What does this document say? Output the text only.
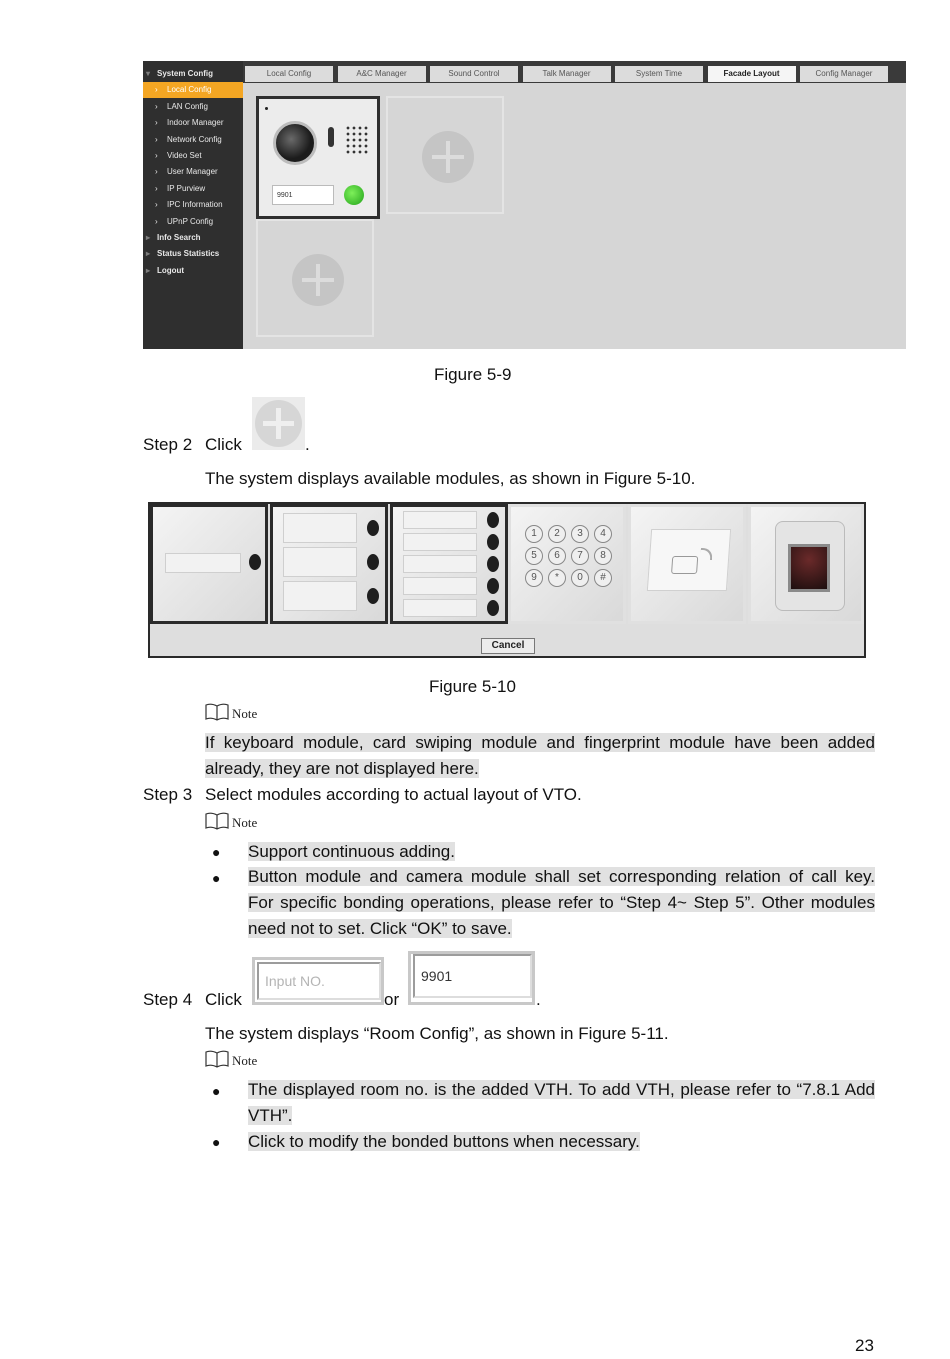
▾ System Config
› Local Config
› LAN Config
› Indoor Manager
› Network Config
› Video Set
› User Manager
› IP Purview
› IPC Information
› UPnP Config
▸ Info Search
▸ Status Statistics
▸ Logout
Local Config	A&C Manager	Sound Control	Talk Manager	System Time	Facade Layout	Config Manager
9901
Figure 5-9
Step 2 Click	.
The system displays available modules, as shown in Figure 5-10.
1	2	3	4
5	6	7	8
9	*	0	#
Cancel
Figure 5-10
Note
If keyboard module, card swiping module and fingerprint module have been added
already, they are not displayed here.
Step 3 Select modules according to actual layout of VTO.
Note
● Support continuous adding.
● Button module and camera module shall set corresponding relation of call key.
For specific bonding operations, please refer to “Step 4~ Step 5”. Other modules
need not to set. Click “OK” to save.
Step 4 Click
Input NO.
or
9901
.
The system displays “Room Config”, as shown in Figure 5-11.
Note
● The displayed room no. is the added VTH. To add VTH, please refer to “7.8.1 Add
VTH”.
● Click to modify the bonded buttons when necessary.
23
